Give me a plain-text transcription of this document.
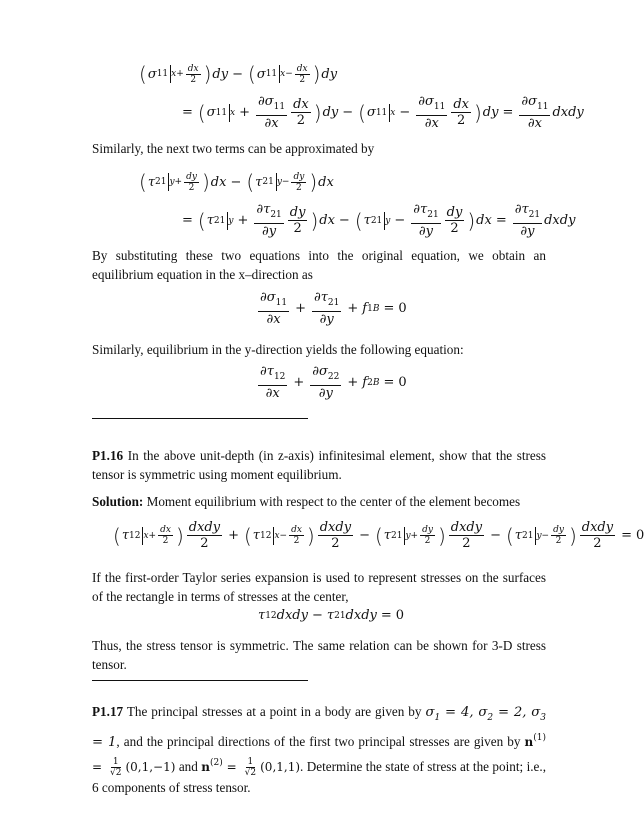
( σ 11 $x+ \frac{dx}{2}$ ) dy − ( σ 11 $x- \frac{dx}{2}$ ) dy
= ( σ 11 $x + \frac{\partial\sigma_{11}}{\partial x} \frac{dx}{2}$ ) dy − ( σ 11 $x - \frac{\partial\sigma_{11}}{\partial x} \frac{dx}{2}$ ) dy = $\frac{\partial\sigma_{11}}{\partial x}$ dxdy
Similarly, the next two terms can be approximated by
( τ 21 $y+ \frac{dy}{2}$ ) dx − ( τ 21 $y- \frac{dy}{2}$ ) dx
= ( τ 21 $y + \frac{\partial\tau_{21}}{\partial y} \frac{dy}{2}$ ) dx − ( τ 21 $y - \frac{\partial\tau_{21}}{\partial y} \frac{dy}{2}$ ) dx = $\frac{\partial\tau_{21}}{\partial y}$ dxdy
By substituting these two equations into the original equation, we obtain an equilibrium equation in the x–direction as
$\frac{\partial\sigma_{11}}{\partial x} + \frac{\partial\tau_{21}}{\partial y} + f$ 1 B = 0
Similarly, equilibrium in the y-direction yields the following equation:
$\frac{\partial\tau_{12}}{\partial x} + \frac{\partial\sigma_{22}}{\partial y} + f$ 2 B = 0
P1.16 In the above unit-depth (in z-axis) infinitesimal element, show that the stress tensor is symmetric using moment equilibrium.
Solution: Moment equilibrium with respect to the center of the element becomes
( τ 12 $x+ \frac{dx}{2}$ ) $\frac{\text{dxdy}}{2}$ + ( τ 12 $x- \frac{dx}{2}$ ) $\frac{\text{dxdy}}{2}$ − ( τ 21 $y+ \frac{dy}{2}$ ) $\frac{\text{dxdy}}{2}$ − ( τ 21 $y- \frac{dy}{2}$ ) $\frac{\text{dxdy}}{2} = 0$
If the first-order Taylor series expansion is used to represent stresses on the surfaces of the rectangle in terms of stresses at the center,
τ 12 dxdy − τ 21 dxdy = 0
Thus, the stress tensor is symmetric. The same relation can be shown for 3-D stress tensor.
P1.17 The principal stresses at a point in a body are given by $\sigma_1 = 4$, $\sigma_2 = 2$, $\sigma_3 = 1$, and the principal directions of the first two principal stresses are given by $n^{(1)} = \frac{1}{√2} (0,1,-1)$ and $n^{(2)} = \frac{1}{√2} (0,1,1)$. Determine the state of stress at the point; i.e., 6 components of stress tensor.
